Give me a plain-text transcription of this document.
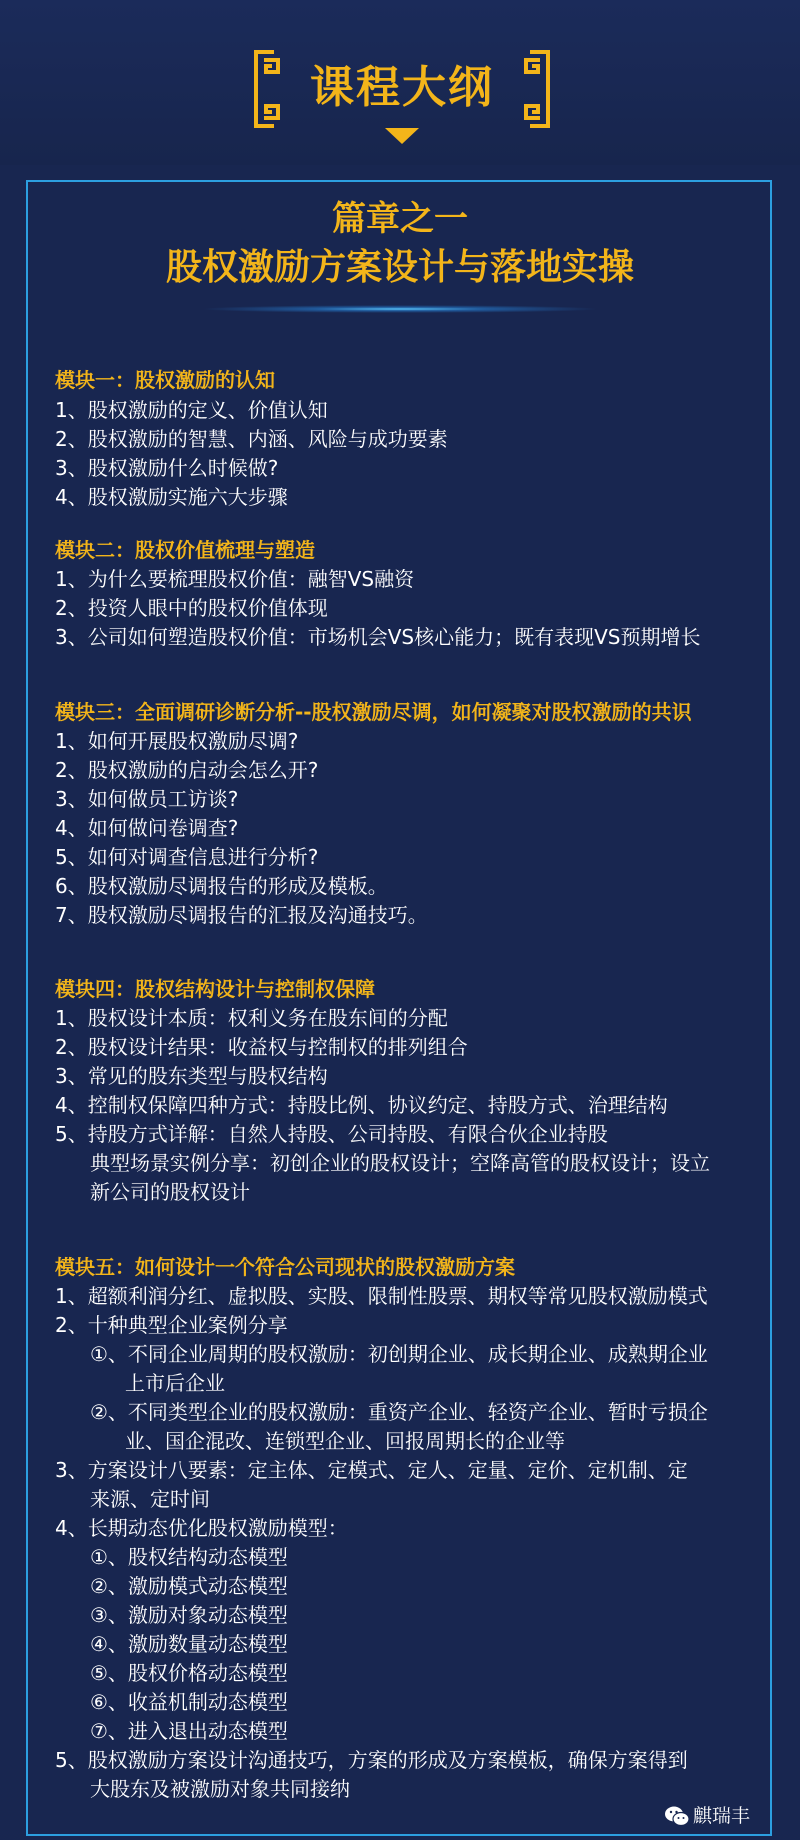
课程大纲
篇章之一
股权激励方案设计与落地实操
模块一：股权激励的认知
1、股权激励的定义、价值认知
2、股权激励的智慧、内涵、风险与成功要素
3、股权激励什么时候做?
4、股权激励实施六大步骤
模块二：股权价值梳理与塑造
1、为什么要梳理股权价值：融智VS融资
2、投资人眼中的股权价值体现
3、公司如何塑造股权价值：市场机会VS核心能力；既有表现VS预期增长
模块三：全面调研诊断分析--股权激励尽调，如何凝聚对股权激励的共识
1、如何开展股权激励尽调?
2、股权激励的启动会怎么开?
3、如何做员工访谈?
4、如何做问卷调查?
5、如何对调查信息进行分析?
6、股权激励尽调报告的形成及模板。
7、股权激励尽调报告的汇报及沟通技巧。
模块四：股权结构设计与控制权保障
1、股权设计本质：权利义务在股东间的分配
2、股权设计结果：收益权与控制权的排列组合
3、常见的股东类型与股权结构
4、控制权保障四种方式：持股比例、协议约定、持股方式、治理结构
5、持股方式详解：自然人持股、公司持股、有限合伙企业持股
典型场景实例分享：初创企业的股权设计；空降高管的股权设计；设立
新公司的股权设计
模块五：如何设计一个符合公司现状的股权激励方案
1、超额利润分红、虚拟股、实股、限制性股票、期权等常见股权激励模式
2、十种典型企业案例分享
①、不同企业周期的股权激励：初创期企业、成长期企业、成熟期企业
上市后企业
②、不同类型企业的股权激励：重资产企业、轻资产企业、暂时亏损企
业、国企混改、连锁型企业、回报周期长的企业等
3、方案设计八要素：定主体、定模式、定人、定量、定价、定机制、定
来源、定时间
4、长期动态优化股权激励模型：
①、股权结构动态模型
②、激励模式动态模型
③、激励对象动态模型
④、激励数量动态模型
⑤、股权价格动态模型
⑥、收益机制动态模型
⑦、进入退出动态模型
5、股权激励方案设计沟通技巧，方案的形成及方案模板，确保方案得到
大股东及被激励对象共同接纳
麒瑞丰
